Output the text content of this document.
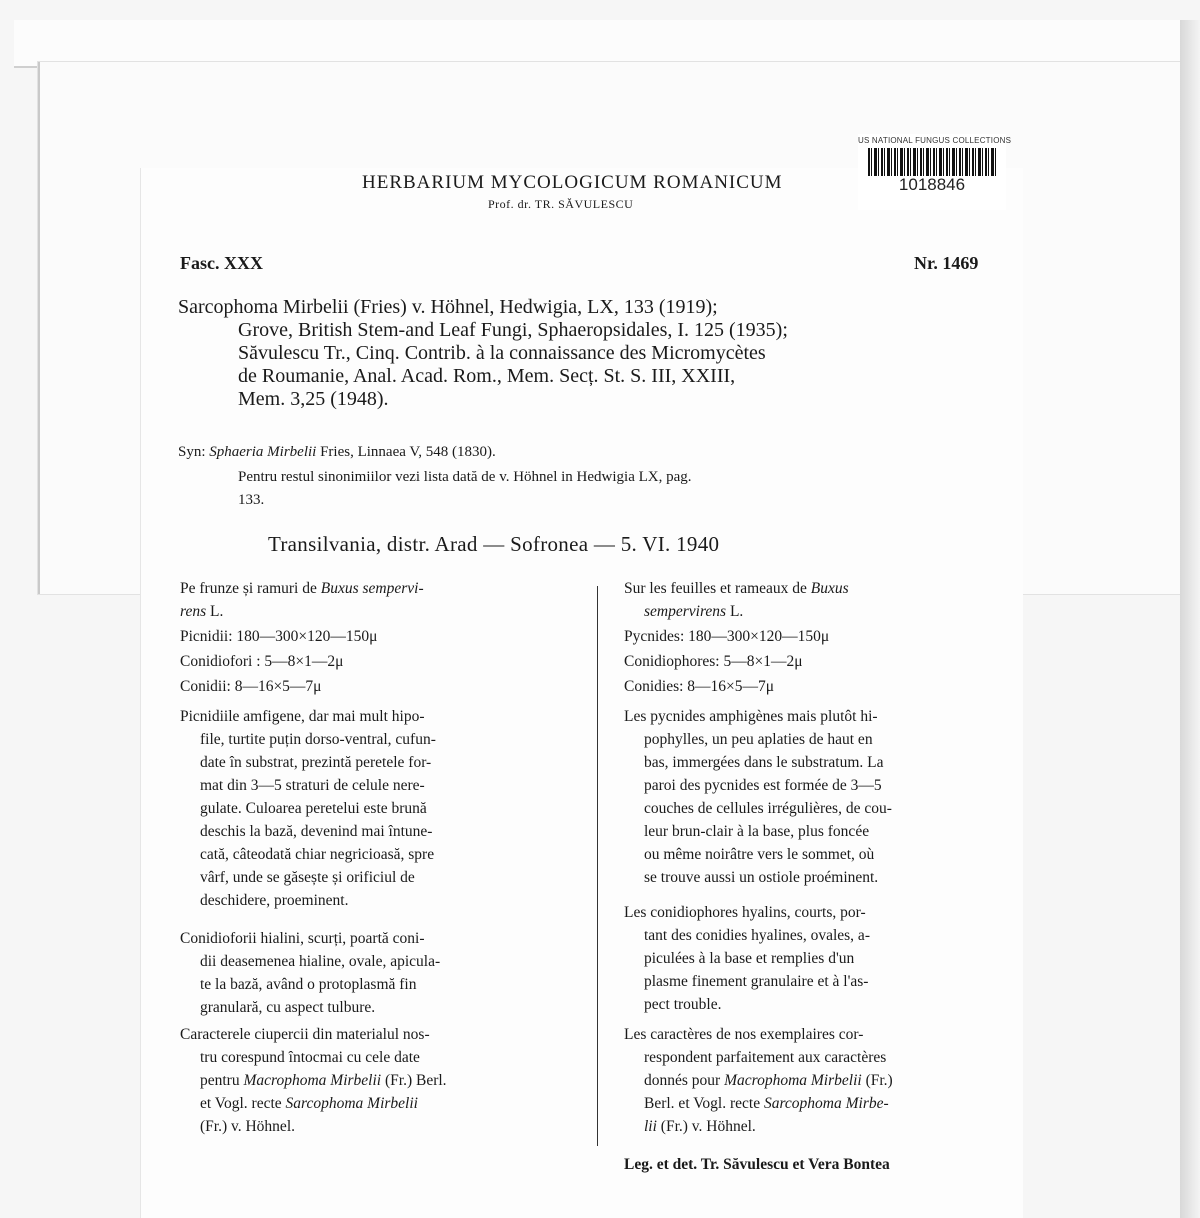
US NATIONAL FUNGUS COLLECTIONS
1018846
HERBARIUM MYCOLOGICUM ROMANICUM
Prof. dr. TR. SĂVULESCU
Fasc. XXX	Nr. 1469
Sarcophoma Mirbelii (Fries) v. Höhnel, Hedwigia, LX, 133 (1919);
Grove, British Stem-and Leaf Fungi, Sphaeropsidales, I. 125 (1935);
Săvulescu Tr., Cinq. Contrib. à la connaissance des Micromycètes
de Roumanie, Anal. Acad. Rom., Mem. Secț. St. S. III, XXIII,
Mem. 3,25 (1948).
Syn: Sphaeria Mirbelii Fries, Linnaea V, 548 (1830).
Pentru restul sinonimiilor vezi lista dată de v. Höhnel in Hedwigia LX, pag.
133.
Transilvania, distr. Arad — Sofronea — 5. VI. 1940
Pe frunze și ramuri de Buxus sempervi-
rens L.
Picnidii: 180—300×120—150μ
Conidiofori : 5—8×1—2μ
Conidii: 8—16×5—7μ
Picnidiile amfigene, dar mai mult hipo-
file, turtite puțin dorso-ventral, cufun-
date în substrat, prezintă peretele for-
mat din 3—5 straturi de celule nere-
gulate. Culoarea peretelui este brună
deschis la bază, devenind mai întune-
cată, câteodată chiar negricioasă, spre
vârf, unde se găsește și orificiul de
deschidere, proeminent.
Conidioforii hialini, scurți, poartă coni-
dii deasemenea hialine, ovale, apicula-
te la bază, având o protoplasmă fin
granulară, cu aspect tulbure.
Caracterele ciupercii din materialul nos-
tru corespund întocmai cu cele date
pentru Macrophoma Mirbelii (Fr.) Berl.
et Vogl. recte Sarcophoma Mirbelii
(Fr.) v. Höhnel.
Sur les feuilles et rameaux de Buxus
sempervirens L.
Pycnides: 180—300×120—150μ
Conidiophores: 5—8×1—2μ
Conidies: 8—16×5—7μ
Les pycnides amphigènes mais plutôt hi-
pophylles, un peu aplaties de haut en
bas, immergées dans le substratum. La
paroi des pycnides est formée de 3—5
couches de cellules irrégulières, de cou-
leur brun-clair à la base, plus foncée
ou même noirâtre vers le sommet, où
se trouve aussi un ostiole proéminent.
Les conidiophores hyalins, courts, por-
tant des conidies hyalines, ovales, a-
piculées à la base et remplies d'un
plasme finement granulaire et à l'as-
pect trouble.
Les caractères de nos exemplaires cor-
respondent parfaitement aux caractères
donnés pour Macrophoma Mirbelii (Fr.)
Berl. et Vogl. recte Sarcophoma Mirbe-
lii (Fr.) v. Höhnel.
Leg. et det. Tr. Săvulescu et Vera Bontea
